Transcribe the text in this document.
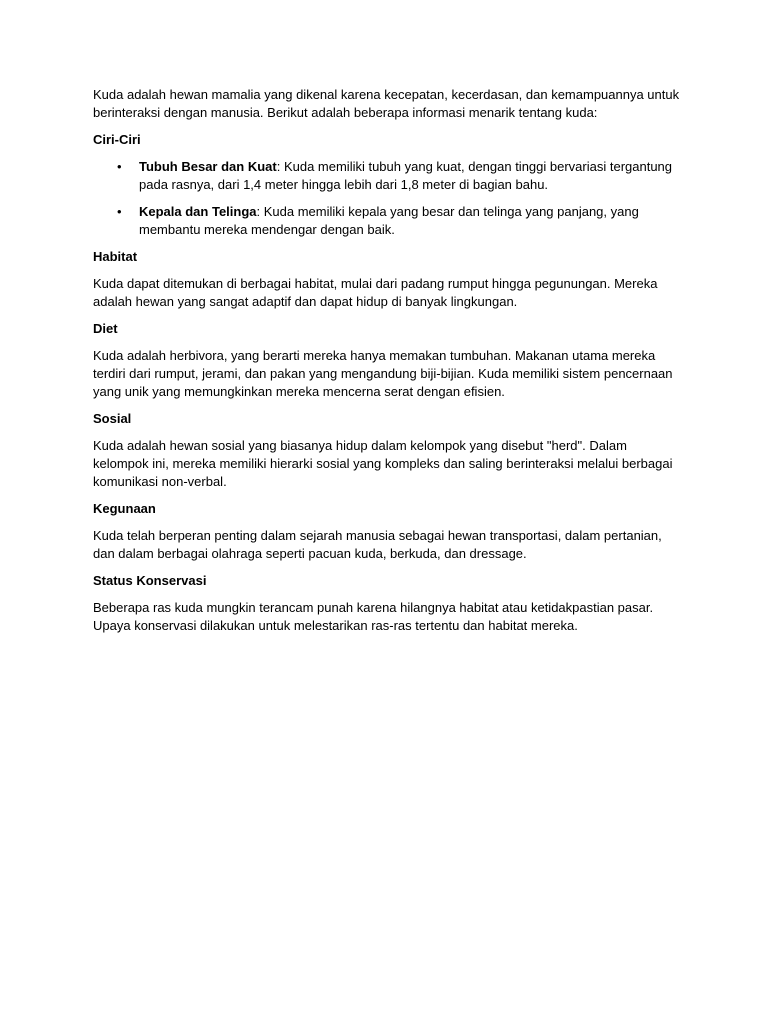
Kuda adalah hewan mamalia yang dikenal karena kecepatan, kecerdasan, dan kemampuannya untuk berinteraksi dengan manusia. Berikut adalah beberapa informasi menarik tentang kuda:

Ciri-Ciri
• Tubuh Besar dan Kuat: Kuda memiliki tubuh yang kuat, dengan tinggi bervariasi tergantung pada rasnya, dari 1,4 meter hingga lebih dari 1,8 meter di bagian bahu.
• Kepala dan Telinga: Kuda memiliki kepala yang besar dan telinga yang panjang, yang membantu mereka mendengar dengan baik.
Habitat

Kuda dapat ditemukan di berbagai habitat, mulai dari padang rumput hingga pegunungan. Mereka adalah hewan yang sangat adaptif dan dapat hidup di banyak lingkungan.

Diet

Kuda adalah herbivora, yang berarti mereka hanya memakan tumbuhan. Makanan utama mereka terdiri dari rumput, jerami, dan pakan yang mengandung biji-bijian. Kuda memiliki sistem pencernaan yang unik yang memungkinkan mereka mencerna serat dengan efisien.

Sosial

Kuda adalah hewan sosial yang biasanya hidup dalam kelompok yang disebut "herd". Dalam kelompok ini, mereka memiliki hierarki sosial yang kompleks dan saling berinteraksi melalui berbagai komunikasi non-verbal.

Kegunaan

Kuda telah berperan penting dalam sejarah manusia sebagai hewan transportasi, dalam pertanian, dan dalam berbagai olahraga seperti pacuan kuda, berkuda, dan dressage.

Status Konservasi

Beberapa ras kuda mungkin terancam punah karena hilangnya habitat atau ketidakpastian pasar. Upaya konservasi dilakukan untuk melestarikan ras-ras tertentu dan habitat mereka.
